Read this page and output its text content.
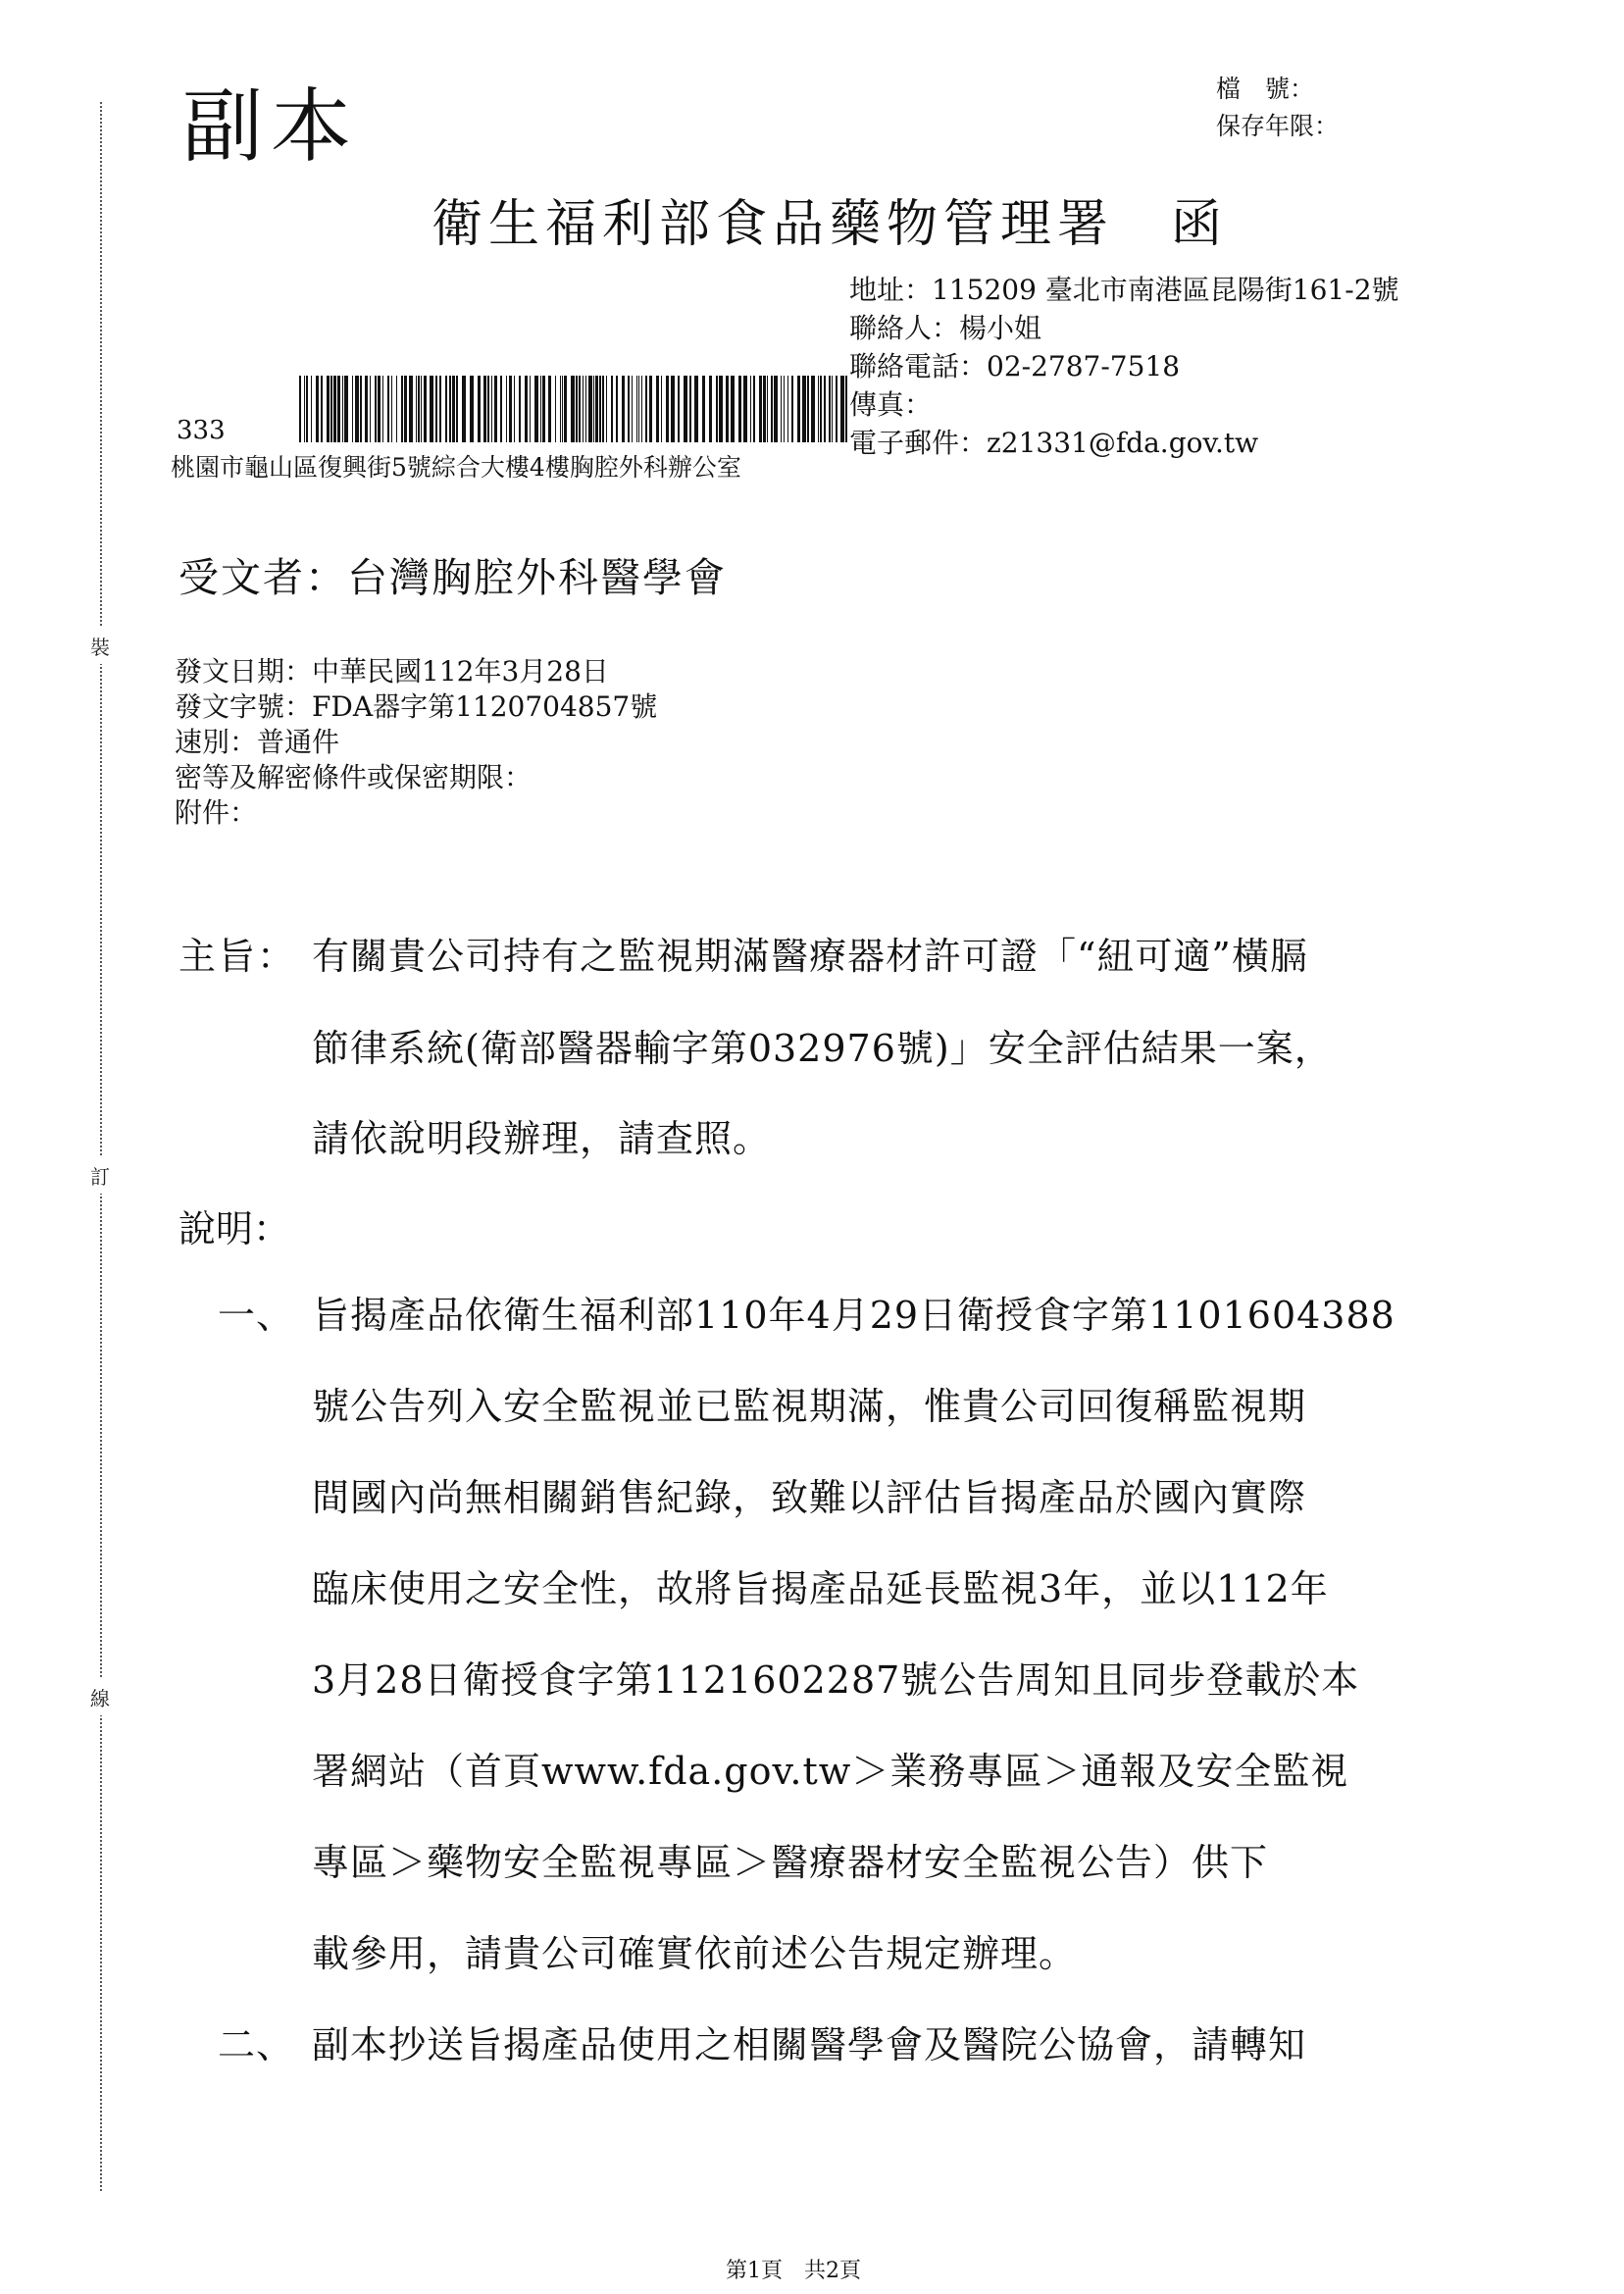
裝
訂
線
副本	檔　號：
保存年限：
衛生福利部食品藥物管理署　函
地址：115209 臺北市南港區昆陽街161-2號
聯絡人：楊小姐
聯絡電話：02-2787-7518
傳真：
電子郵件：z21331@fda.gov.tw
333
桃園市龜山區復興街5號綜合大樓4樓胸腔外科辦公室
受文者：台灣胸腔外科醫學會
發文日期：中華民國112年3月28日
發文字號：FDA器字第1120704857號
速別：普通件
密等及解密條件或保密期限：
附件：
主旨： 有關貴公司持有之監視期滿醫療器材許可證「“紐可適”橫膈
節律系統(衛部醫器輸字第032976號)」安全評估結果一案，
請依說明段辦理，請查照。
說明：
一、 旨揭產品依衛生福利部110年4月29日衛授食字第1101604388
號公告列入安全監視並已監視期滿，惟貴公司回復稱監視期
間國內尚無相關銷售紀錄，致難以評估旨揭產品於國內實際
臨床使用之安全性，故將旨揭產品延長監視3年，並以112年
3月28日衛授食字第1121602287號公告周知且同步登載於本
署網站（首頁www.fda.gov.tw＞業務專區＞通報及安全監視
專區＞藥物安全監視專區＞醫療器材安全監視公告）供下
載參用，請貴公司確實依前述公告規定辦理。
二、 副本抄送旨揭產品使用之相關醫學會及醫院公協會，請轉知
第1頁　共2頁
